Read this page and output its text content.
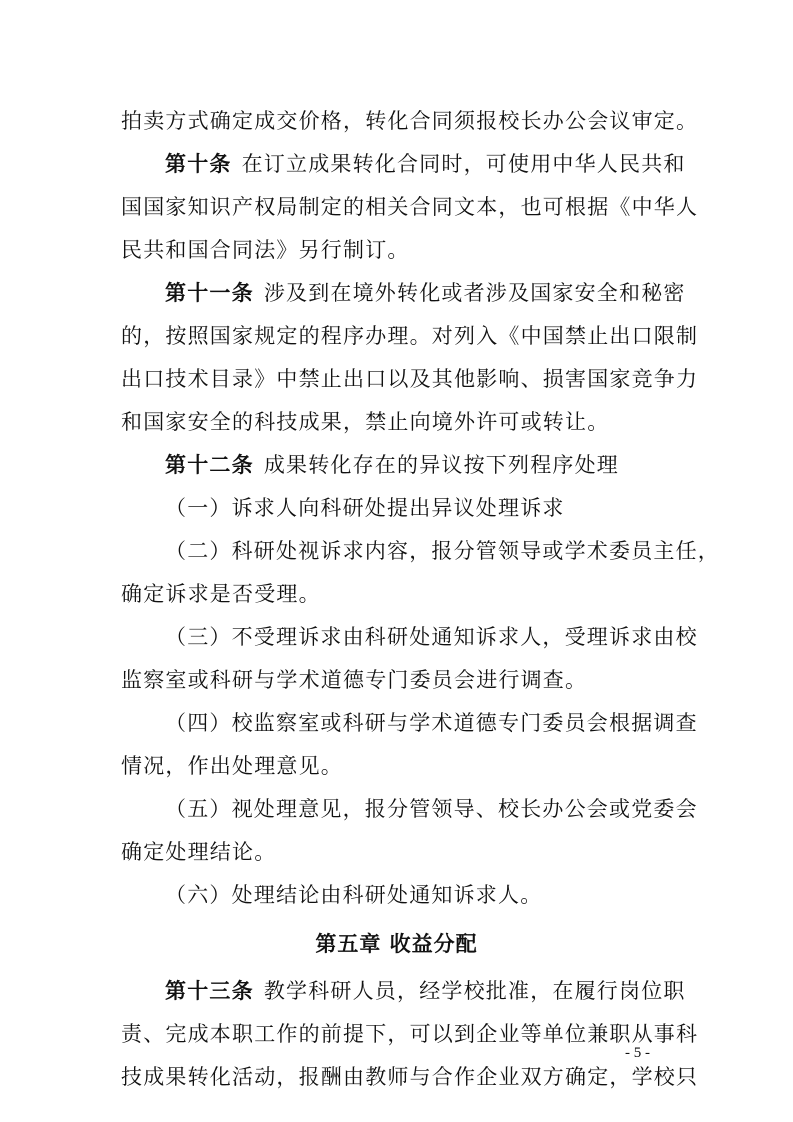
拍卖方式确定成交价格，转化合同须报校长办公会议审定。
第十条 在订立成果转化合同时，可使用中华人民共和
国国家知识产权局制定的相关合同文本，也可根据《中华人
民共和国合同法》另行制订。
第十一条 涉及到在境外转化或者涉及国家安全和秘密
的，按照国家规定的程序办理。对列入《中国禁止出口限制
出口技术目录》中禁止出口以及其他影响、损害国家竞争力
和国家安全的科技成果，禁止向境外许可或转让。
第十二条 成果转化存在的异议按下列程序处理
（一）诉求人向科研处提出异议处理诉求
（二）科研处视诉求内容，报分管领导或学术委员主任，
确定诉求是否受理。
（三）不受理诉求由科研处通知诉求人，受理诉求由校
监察室或科研与学术道德专门委员会进行调查。
（四）校监察室或科研与学术道德专门委员会根据调查
情况，作出处理意见。
（五）视处理意见，报分管领导、校长办公会或党委会
确定处理结论。
（六）处理结论由科研处通知诉求人。
第五章 收益分配
第十三条 教学科研人员，经学校批准，在履行岗位职
责、完成本职工作的前提下，可以到企业等单位兼职从事科
技成果转化活动，报酬由教师与合作企业双方确定，学校只
- 5 -
